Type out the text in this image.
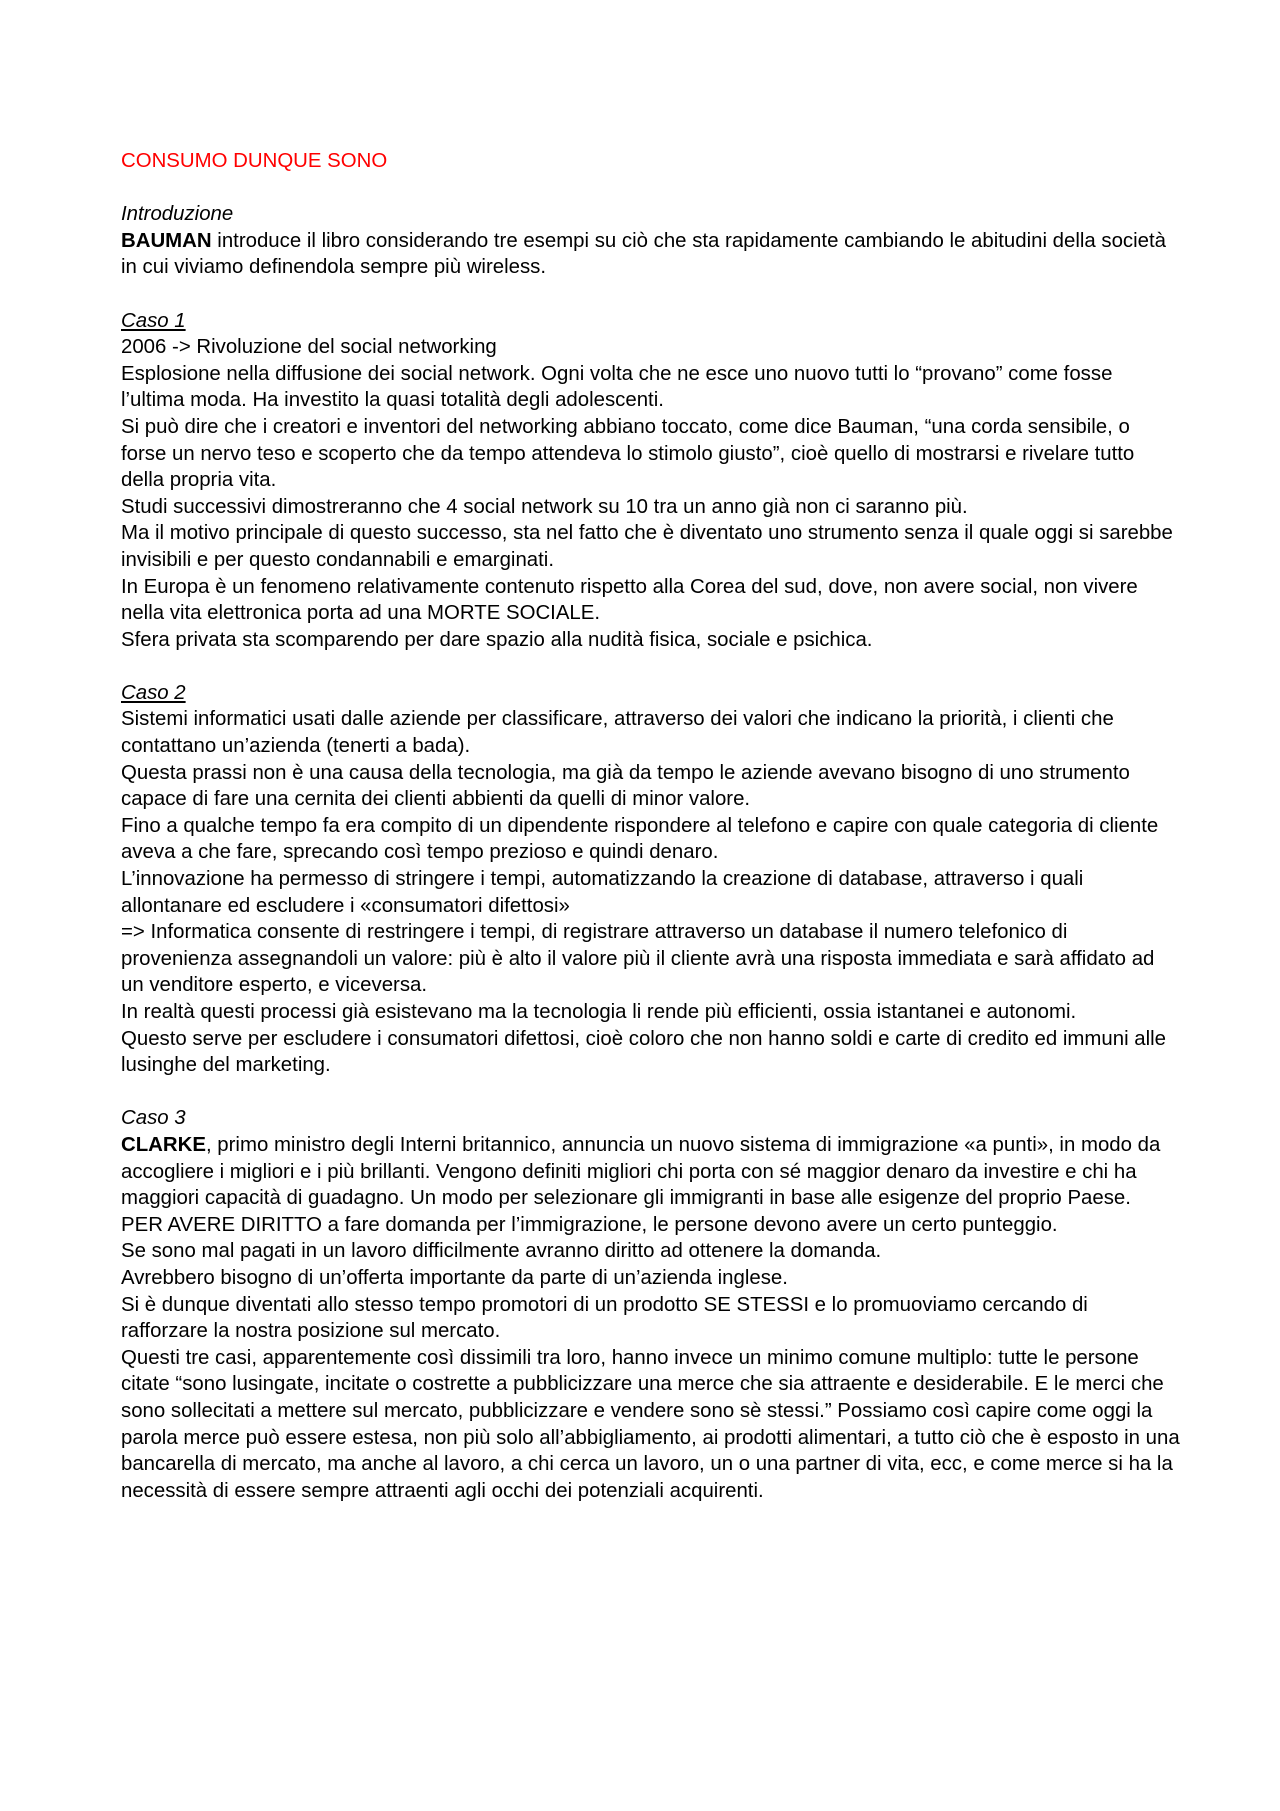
CONSUMO DUNQUE SONO

Introduzione

BAUMAN introduce il libro considerando tre esempi su ciò che sta rapidamente cambiando le abitudini della società in cui viviamo definendola sempre più wireless.

Caso 1

2006 -> Rivoluzione del social networking

Esplosione nella diffusione dei social network. Ogni volta che ne esce uno nuovo tutti lo “provano” come fosse l’ultima moda. Ha investito la quasi totalità degli adolescenti.

Si può dire che i creatori e inventori del networking abbiano toccato, come dice Bauman, “una corda sensibile, o forse un nervo teso e scoperto che da tempo attendeva lo stimolo giusto”, cioè quello di mostrarsi e rivelare tutto della propria vita.

Studi successivi dimostreranno che 4 social network su 10 tra un anno già non ci saranno più.

Ma il motivo principale di questo successo, sta nel fatto che è diventato uno strumento senza il quale oggi si sarebbe invisibili e per questo condannabili e emarginati.

In Europa è un fenomeno relativamente contenuto rispetto alla Corea del sud, dove, non avere social, non vivere nella vita elettronica porta ad una MORTE SOCIALE.

Sfera privata sta scomparendo per dare spazio alla nudità fisica, sociale e psichica.

Caso 2

Sistemi informatici usati dalle aziende per classificare, attraverso dei valori che indicano la priorità, i clienti che contattano un’azienda (tenerti a bada).

Questa prassi non è una causa della tecnologia, ma già da tempo le aziende avevano bisogno di uno strumento capace di fare una cernita dei clienti abbienti da quelli di minor valore.

Fino a qualche tempo fa era compito di un dipendente rispondere al telefono e capire con quale categoria di cliente aveva a che fare, sprecando così tempo prezioso e quindi denaro.

L’innovazione ha permesso di stringere i tempi, automatizzando la creazione di database, attraverso i quali allontanare ed escludere i «consumatori difettosi»

=> Informatica consente di restringere i tempi, di registrare attraverso un database il numero telefonico di provenienza assegnandoli un valore: più è alto il valore più il cliente avrà una risposta immediata e sarà affidato ad un venditore esperto, e viceversa.

In realtà questi processi già esistevano ma la tecnologia li rende più efficienti, ossia istantanei e autonomi.

Questo serve per escludere i consumatori difettosi, cioè coloro che non hanno soldi e carte di credito ed immuni alle lusinghe del marketing.

Caso 3

CLARKE, primo ministro degli Interni britannico, annuncia un nuovo sistema di immigrazione «a punti», in modo da accogliere i migliori e i più brillanti. Vengono definiti migliori chi porta con sé maggior denaro da investire e chi ha maggiori capacità di guadagno. Un modo per selezionare gli immigranti in base alle esigenze del proprio Paese.

PER AVERE DIRITTO a fare domanda per l’immigrazione, le persone devono avere un certo punteggio.

Se sono mal pagati in un lavoro difficilmente avranno diritto ad ottenere la domanda.

Avrebbero bisogno di un’offerta importante da parte di un’azienda inglese.

Si è dunque diventati allo stesso tempo promotori di un prodotto SE STESSI e lo promuoviamo cercando di rafforzare la nostra posizione sul mercato.

Questi tre casi, apparentemente così dissimili tra loro, hanno invece un minimo comune multiplo: tutte le persone citate “sono lusingate, incitate o costrette a pubblicizzare una merce che sia attraente e desiderabile. E le merci che sono sollecitati a mettere sul mercato, pubblicizzare e vendere sono sè stessi.” Possiamo così capire come oggi la parola merce può essere estesa, non più solo all’abbigliamento, ai prodotti alimentari, a tutto ciò che è esposto in una bancarella di mercato, ma anche al lavoro, a chi cerca un lavoro, un o una partner di vita, ecc, e come merce si ha la necessità di essere sempre attraenti agli occhi dei potenziali acquirenti.
